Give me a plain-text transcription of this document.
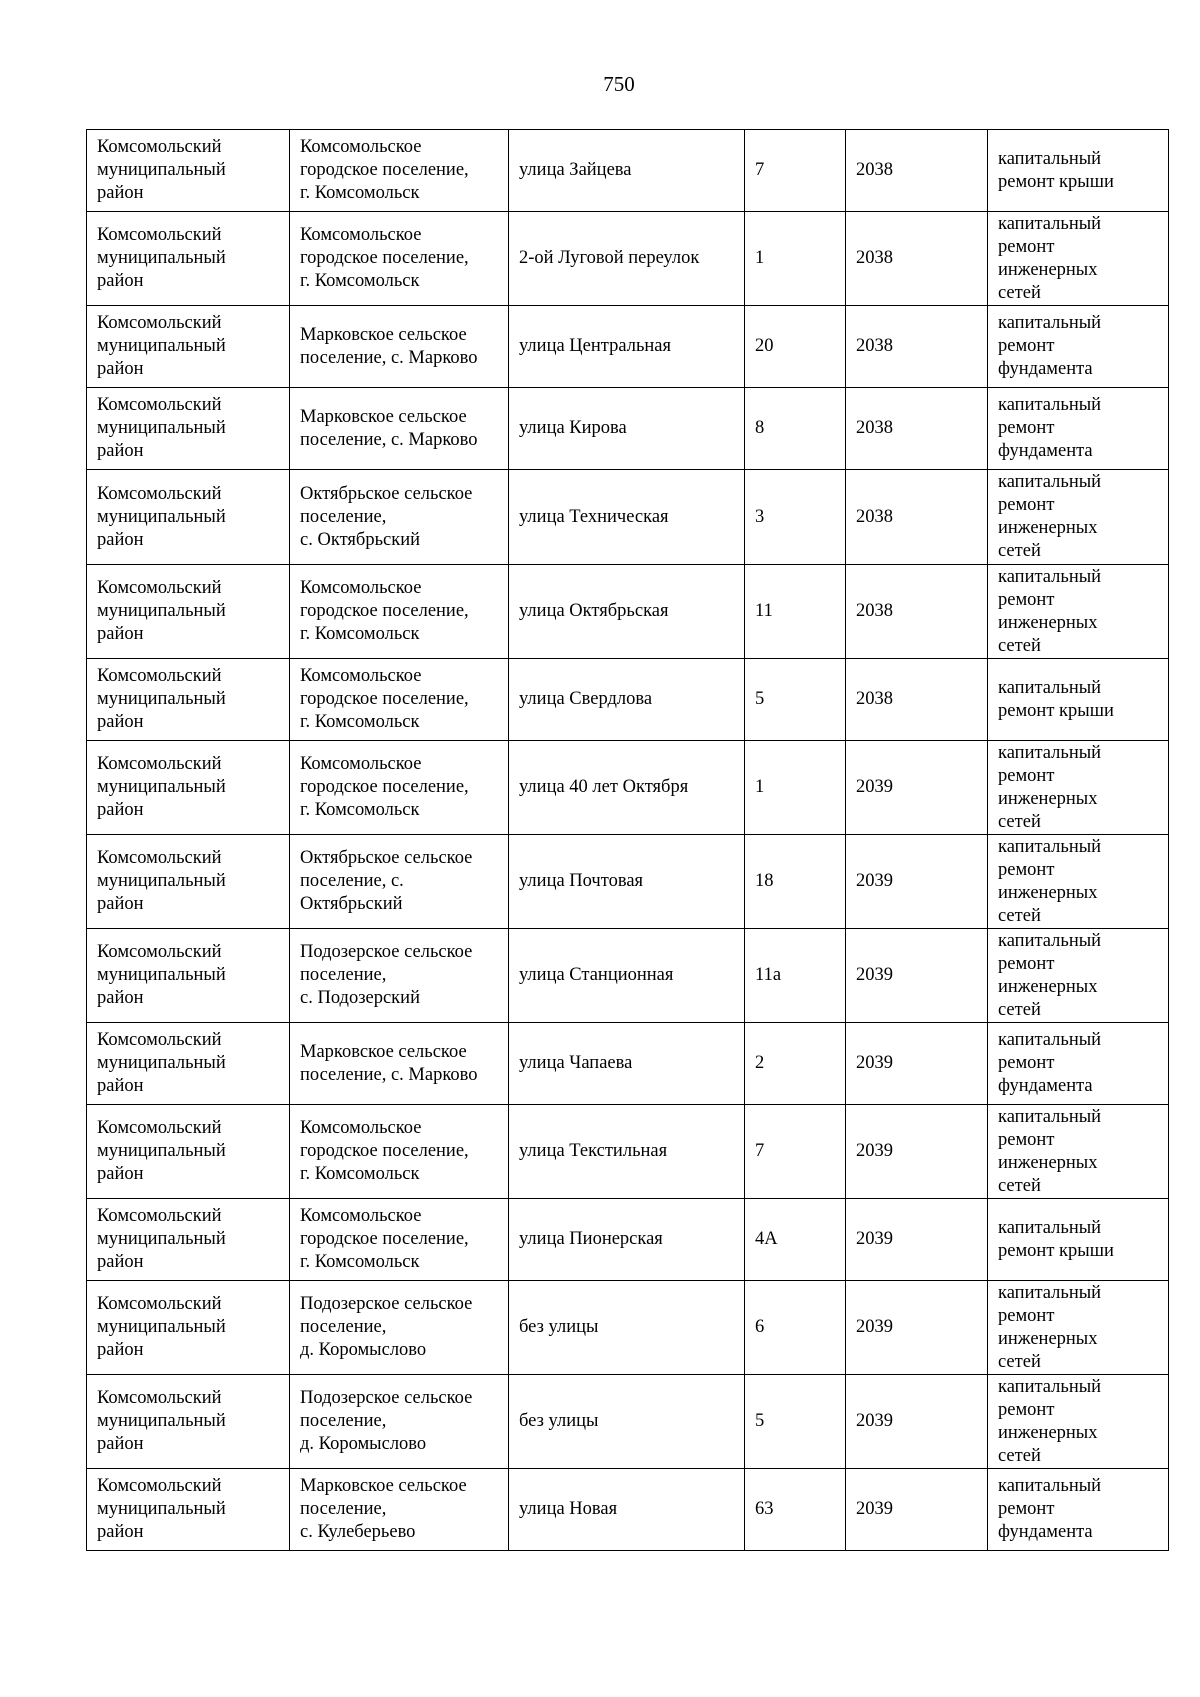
750
Комсомольский
муниципальный
район	Комсомольское
городское поселение,
г. Комсомольск	улица Зайцева	7	2038	капитальный
ремонт крыши
Комсомольский
муниципальный
район	Комсомольское
городское поселение,
г. Комсомольск	2-ой Луговой переулок	1	2038	капитальный
ремонт
инженерных
сетей
Комсомольский
муниципальный
район	Марковское сельское
поселение, с. Марково	улица Центральная	20	2038	капитальный
ремонт
фундамента
Комсомольский
муниципальный
район	Марковское сельское
поселение, с. Марково	улица Кирова	8	2038	капитальный
ремонт
фундамента
Комсомольский
муниципальный
район	Октябрьское сельское
поселение,
с. Октябрьский	улица Техническая	3	2038	капитальный
ремонт
инженерных
сетей
Комсомольский
муниципальный
район	Комсомольское
городское поселение,
г. Комсомольск	улица Октябрьская	11	2038	капитальный
ремонт
инженерных
сетей
Комсомольский
муниципальный
район	Комсомольское
городское поселение,
г. Комсомольск	улица Свердлова	5	2038	капитальный
ремонт крыши
Комсомольский
муниципальный
район	Комсомольское
городское поселение,
г. Комсомольск	улица 40 лет Октября	1	2039	капитальный
ремонт
инженерных
сетей
Комсомольский
муниципальный
район	Октябрьское сельское
поселение, с.
Октябрьский	улица Почтовая	18	2039	капитальный
ремонт
инженерных
сетей
Комсомольский
муниципальный
район	Подозерское сельское
поселение,
с. Подозерский	улица Станционная	11а	2039	капитальный
ремонт
инженерных
сетей
Комсомольский
муниципальный
район	Марковское сельское
поселение, с. Марково	улица Чапаева	2	2039	капитальный
ремонт
фундамента
Комсомольский
муниципальный
район	Комсомольское
городское поселение,
г. Комсомольск	улица Текстильная	7	2039	капитальный
ремонт
инженерных
сетей
Комсомольский
муниципальный
район	Комсомольское
городское поселение,
г. Комсомольск	улица Пионерская	4А	2039	капитальный
ремонт крыши
Комсомольский
муниципальный
район	Подозерское сельское
поселение,
д. Коромыслово	без улицы	6	2039	капитальный
ремонт
инженерных
сетей
Комсомольский
муниципальный
район	Подозерское сельское
поселение,
д. Коромыслово	без улицы	5	2039	капитальный
ремонт
инженерных
сетей
Комсомольский
муниципальный
район	Марковское сельское
поселение,
с. Кулеберьево	улица Новая	63	2039	капитальный
ремонт
фундамента
